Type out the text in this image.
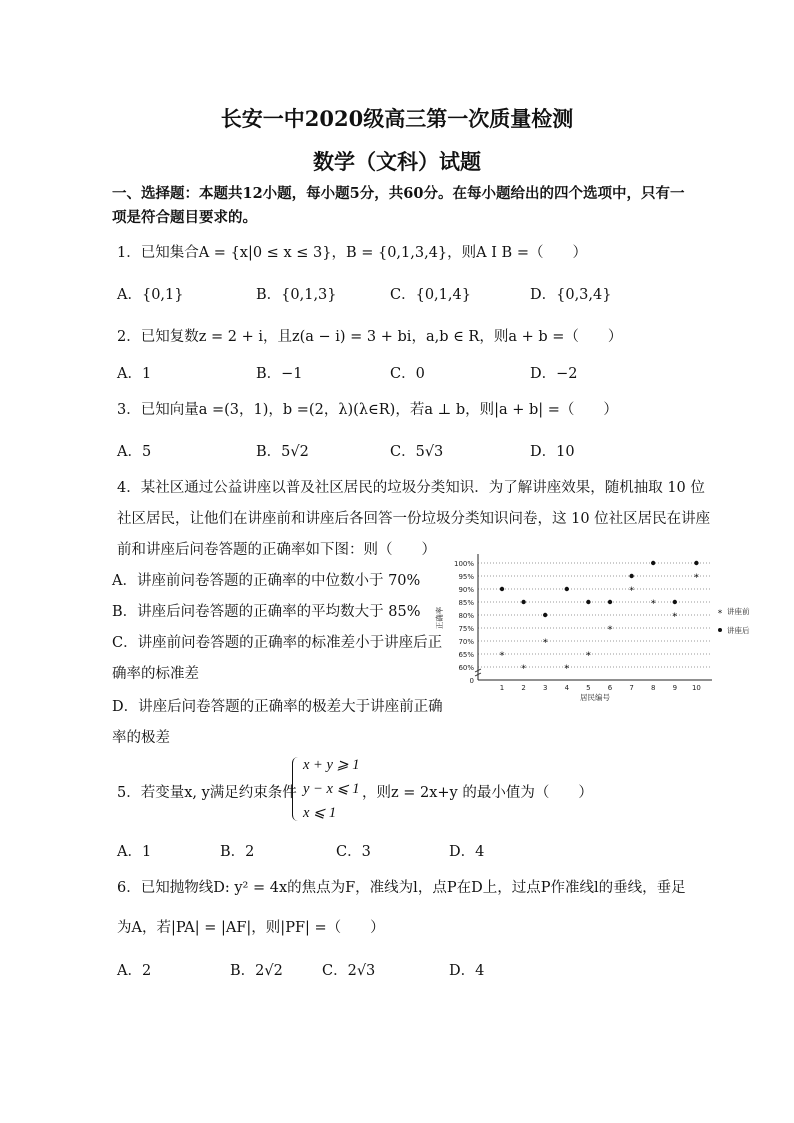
长安一中2020级高三第一次质量检测
数学（文科）试题
一、选择题：本题共12小题，每小题5分，共60分。在每小题给出的四个选项中，只有一
项是符合题目要求的。
1．已知集合A = {x|0 ≤ x ≤ 3}，B = {0,1,3,4}，则A I B =（　　）
A．{0,1}	B．{0,1,3}	C．{0,1,4}	D．{0,3,4}
2．已知复数z = 2 + i，且z(a − i) = 3 + bi，a,b ∈ R，则a + b =（　　）
A．1	B．−1	C．0	D．−2
3．已知向量a =(3，1)，b =(2，λ)(λ∈R)，若a ⊥ b，则|a + b| =（　　）
A．5	B．5√2	C．5√3	D．10
4．某社区通过公益讲座以普及社区居民的垃圾分类知识．为了解讲座效果，随机抽取 10 位
社区居民，让他们在讲座前和讲座后各回答一份垃圾分类知识问卷，这 10 位社区居民在讲座
前和讲座后问卷答题的正确率如下图：则（　　）
A．讲座前问卷答题的正确率的中位数小于 70%
B．讲座后问卷答题的正确率的平均数大于 85%
C．讲座前问卷答题的正确率的标准差小于讲座后正
确率的标准差
D．讲座后问卷答题的正确率的极差大于讲座前正确
率的极差
0
60%
65%
70%
75%
80%
85%
90%
95%
100%
1 2 3 4 5 6 7 8 9 10
居民编号
正确率
*
*
*
*
*
*
*
*
*
*
* 讲座前
讲座后
5．若变量x, y满足约束条件
x + y ⩾ 1
y − x ⩽ 1
x ⩽ 1
，则z = 2x+y 的最小值为（　　）
A．1	B．2	C．3	D．4
6．已知抛物线D: y² = 4x的焦点为F，准线为l，点P在D上，过点P作准线l的垂线，垂足
为A，若|PA| = |AF|，则|PF| =（　　）
A．2	B．2√2	C．2√3	D．4
